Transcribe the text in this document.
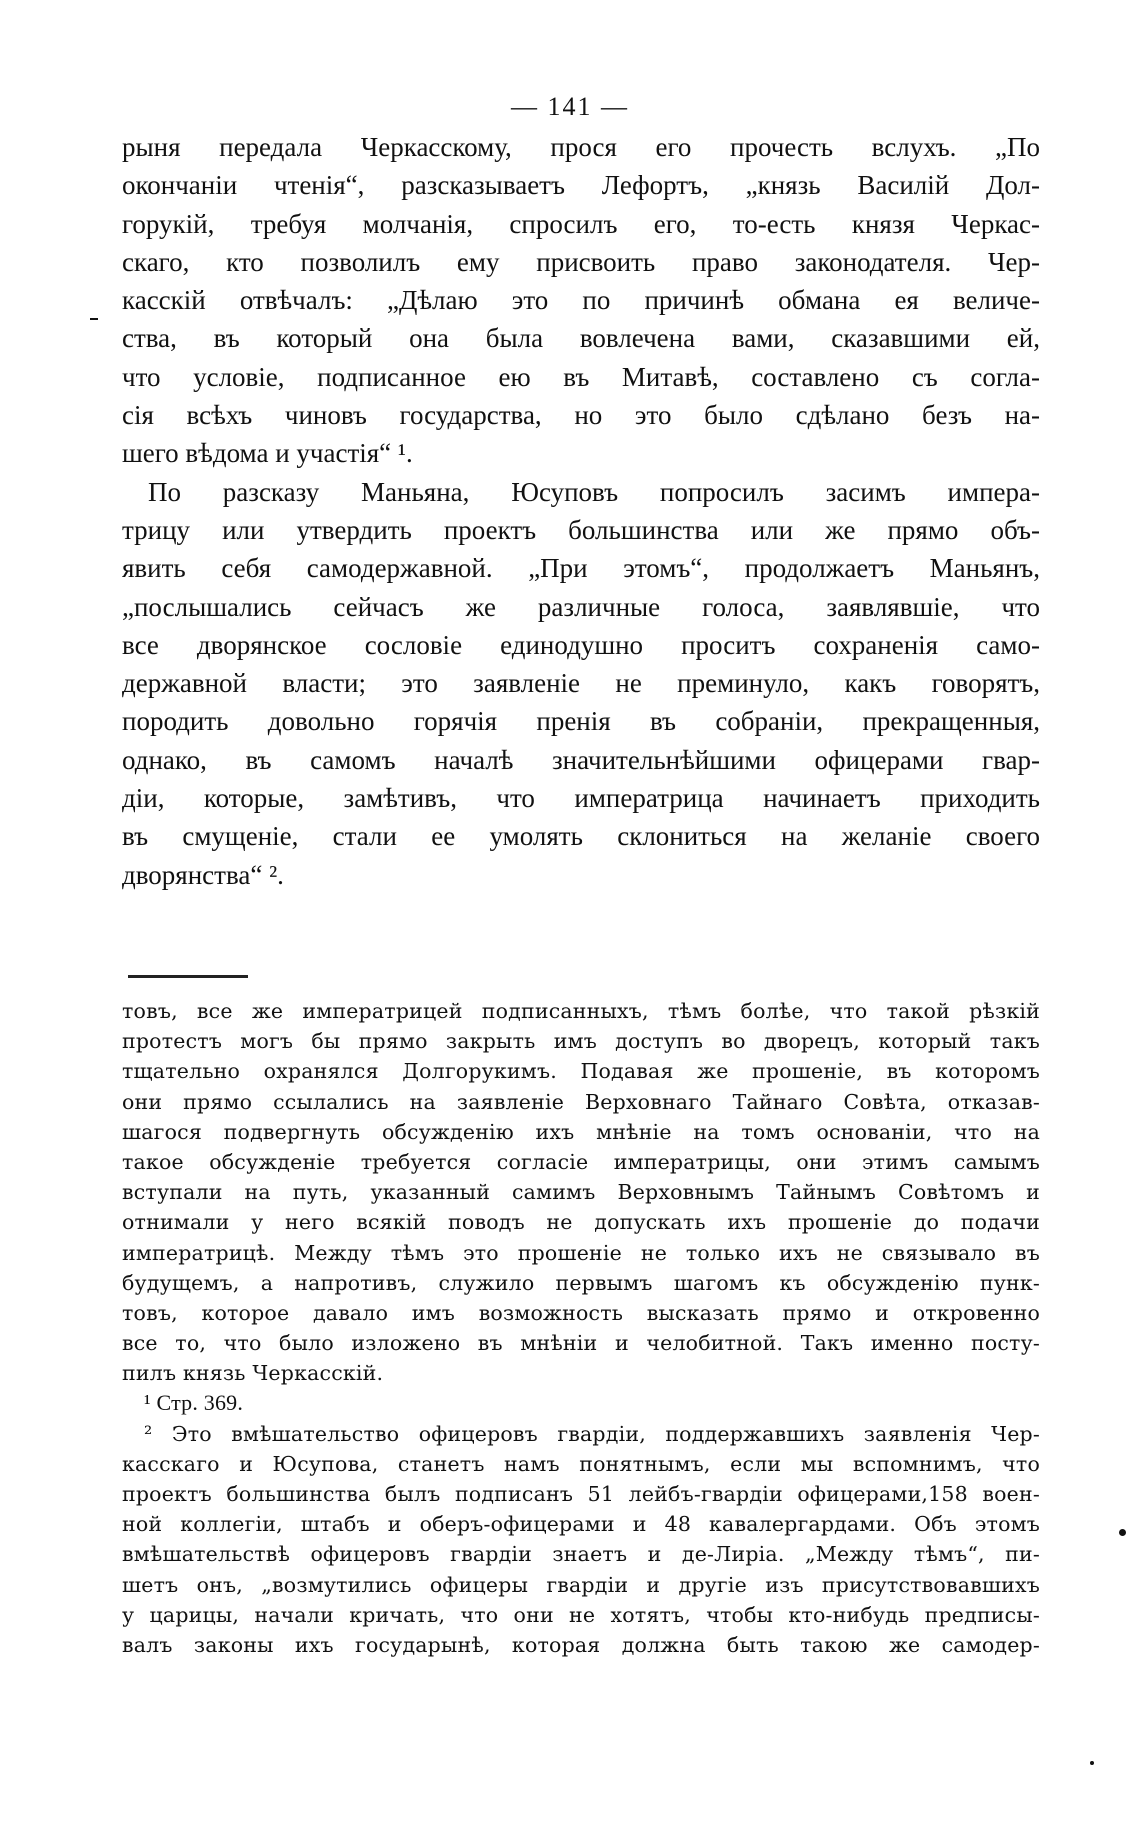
— 141 —
рыня передала Черкасскому, прося его прочесть вслухъ. „По
окончаніи чтенія“, разсказываетъ Лефортъ, „князь Василій Дол-
горукій, требуя молчанія, спросилъ его, то-есть князя Черкас-
скаго, кто позволилъ ему присвоить право законодателя. Чер-
касскій отвѣчалъ: „Дѣлаю это по причинѣ обмана ея величе-
ства, въ который она была вовлечена вами, сказавшими ей,
что условіе, подписанное ею въ Митавѣ, составлено съ согла-
сія всѣхъ чиновъ государства, но это было сдѣлано безъ на-
шего вѣдома и участія“ ¹.
По разсказу Маньяна, Юсуповъ попросилъ засимъ импера-
трицу или утвердить проектъ большинства или же прямо объ-
явить себя самодержавной. „При этомъ“, продолжаетъ Маньянъ,
„послышались сейчасъ же различные голоса, заявлявшіе, что
все дворянское сословіе единодушно проситъ сохраненія само-
державной власти; это заявленіе не преминуло, какъ говорятъ,
породить довольно горячія пренія въ собраніи, прекращенныя,
однако, въ самомъ началѣ значительнѣйшими офицерами гвар-
діи, которые, замѣтивъ, что императрица начинаетъ приходить
въ смущеніе, стали ее умолять склониться на желаніе своего
дворянства“ ².
товъ, все же императрицей подписанныхъ, тѣмъ болѣе, что такой рѣзкій
протестъ могъ бы прямо закрыть имъ доступъ во дворецъ, который такъ
тщательно охранялся Долгорукимъ. Подавая же прошеніе, въ которомъ
они прямо ссылались на заявленіе Верховнаго Тайнаго Совѣта, отказав-
шагося подвергнуть обсужденію ихъ мнѣніе на томъ основаніи, что на
такое обсужденіе требуется согласіе императрицы, они этимъ самымъ
вступали на путь, указанный самимъ Верховнымъ Тайнымъ Совѣтомъ и
отнимали у него всякій поводъ не допускать ихъ прошеніе до подачи
императрицѣ. Между тѣмъ это прошеніе не только ихъ не связывало въ
будущемъ, а напротивъ, служило первымъ шагомъ къ обсужденію пунк-
товъ, которое давало имъ возможность высказать прямо и откровенно
все то, что было изложено въ мнѣніи и челобитной. Такъ именно посту-
пилъ князь Черкасскій.
¹ Стр. 369.
² Это вмѣшательство офицеровъ гвардіи, поддержавшихъ заявленія Чер-
касскаго и Юсупова, станетъ намъ понятнымъ, если мы вспомнимъ, что
проектъ большинства былъ подписанъ 51 лейбъ-гвардіи офицерами,158 воен-
ной коллегіи, штабъ и оберъ-офицерами и 48 кавалергардами. Объ этомъ
вмѣшательствѣ офицеровъ гвардіи знаетъ и де-Лиріа. „Между тѣмъ“, пи-
шетъ онъ, „возмутились офицеры гвардіи и другіе изъ присутствовавшихъ
у царицы, начали кричать, что они не хотятъ, чтобы кто-нибудь предписы-
валъ законы ихъ государынѣ, которая должна быть такою же самодер-
